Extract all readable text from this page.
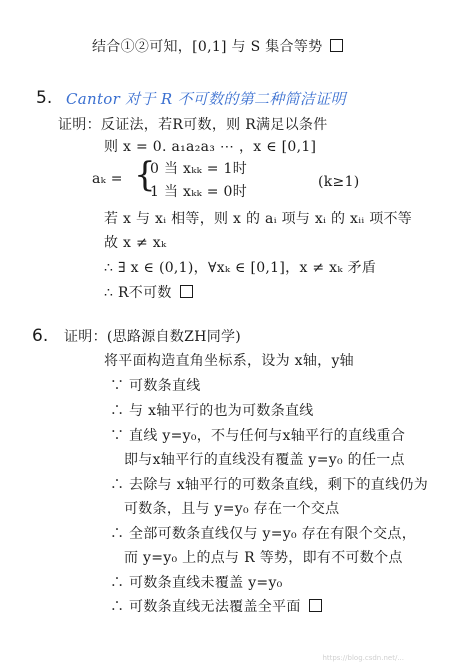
结合①②可知，[0,1] 与 S 集合等势
5. Cantor 对于 R 不可数的第二种简洁证明
证明：反证法，若R可数，则 R满足以条件
则 x = 0. a₁a₂a₃ ⋯ ，x ∈ [0,1]
aₖ = {
0 当 xₖₖ = 1时
1 当 xₖₖ = 0时
(k≥1)
若 x 与 xᵢ 相等，则 x 的 aᵢ 项与 xᵢ 的 xᵢᵢ 项不等
故 x ≠ xₖ
∴ ∃ x ∈ (0,1)，∀xₖ ∈ [0,1]，x ≠ xₖ 矛盾
∴ R不可数
6. 证明：(思路源自数ZH同学)
将平面构造直角坐标系，设为 x轴，y轴
∵ 可数条直线
∴ 与 x轴平行的也为可数条直线
∵ 直线 y=y₀，不与任何与x轴平行的直线重合
即与x轴平行的直线没有覆盖 y=y₀ 的任一点
∴ 去除与 x轴平行的可数条直线，剩下的直线仍为
可数条，且与 y=y₀ 存在一个交点
∴ 全部可数条直线仅与 y=y₀ 存在有限个交点，
而 y=y₀ 上的点与 R 等势，即有不可数个点
∴ 可数条直线未覆盖 y=y₀
∴ 可数条直线无法覆盖全平面
https://blog.csdn.net/...
